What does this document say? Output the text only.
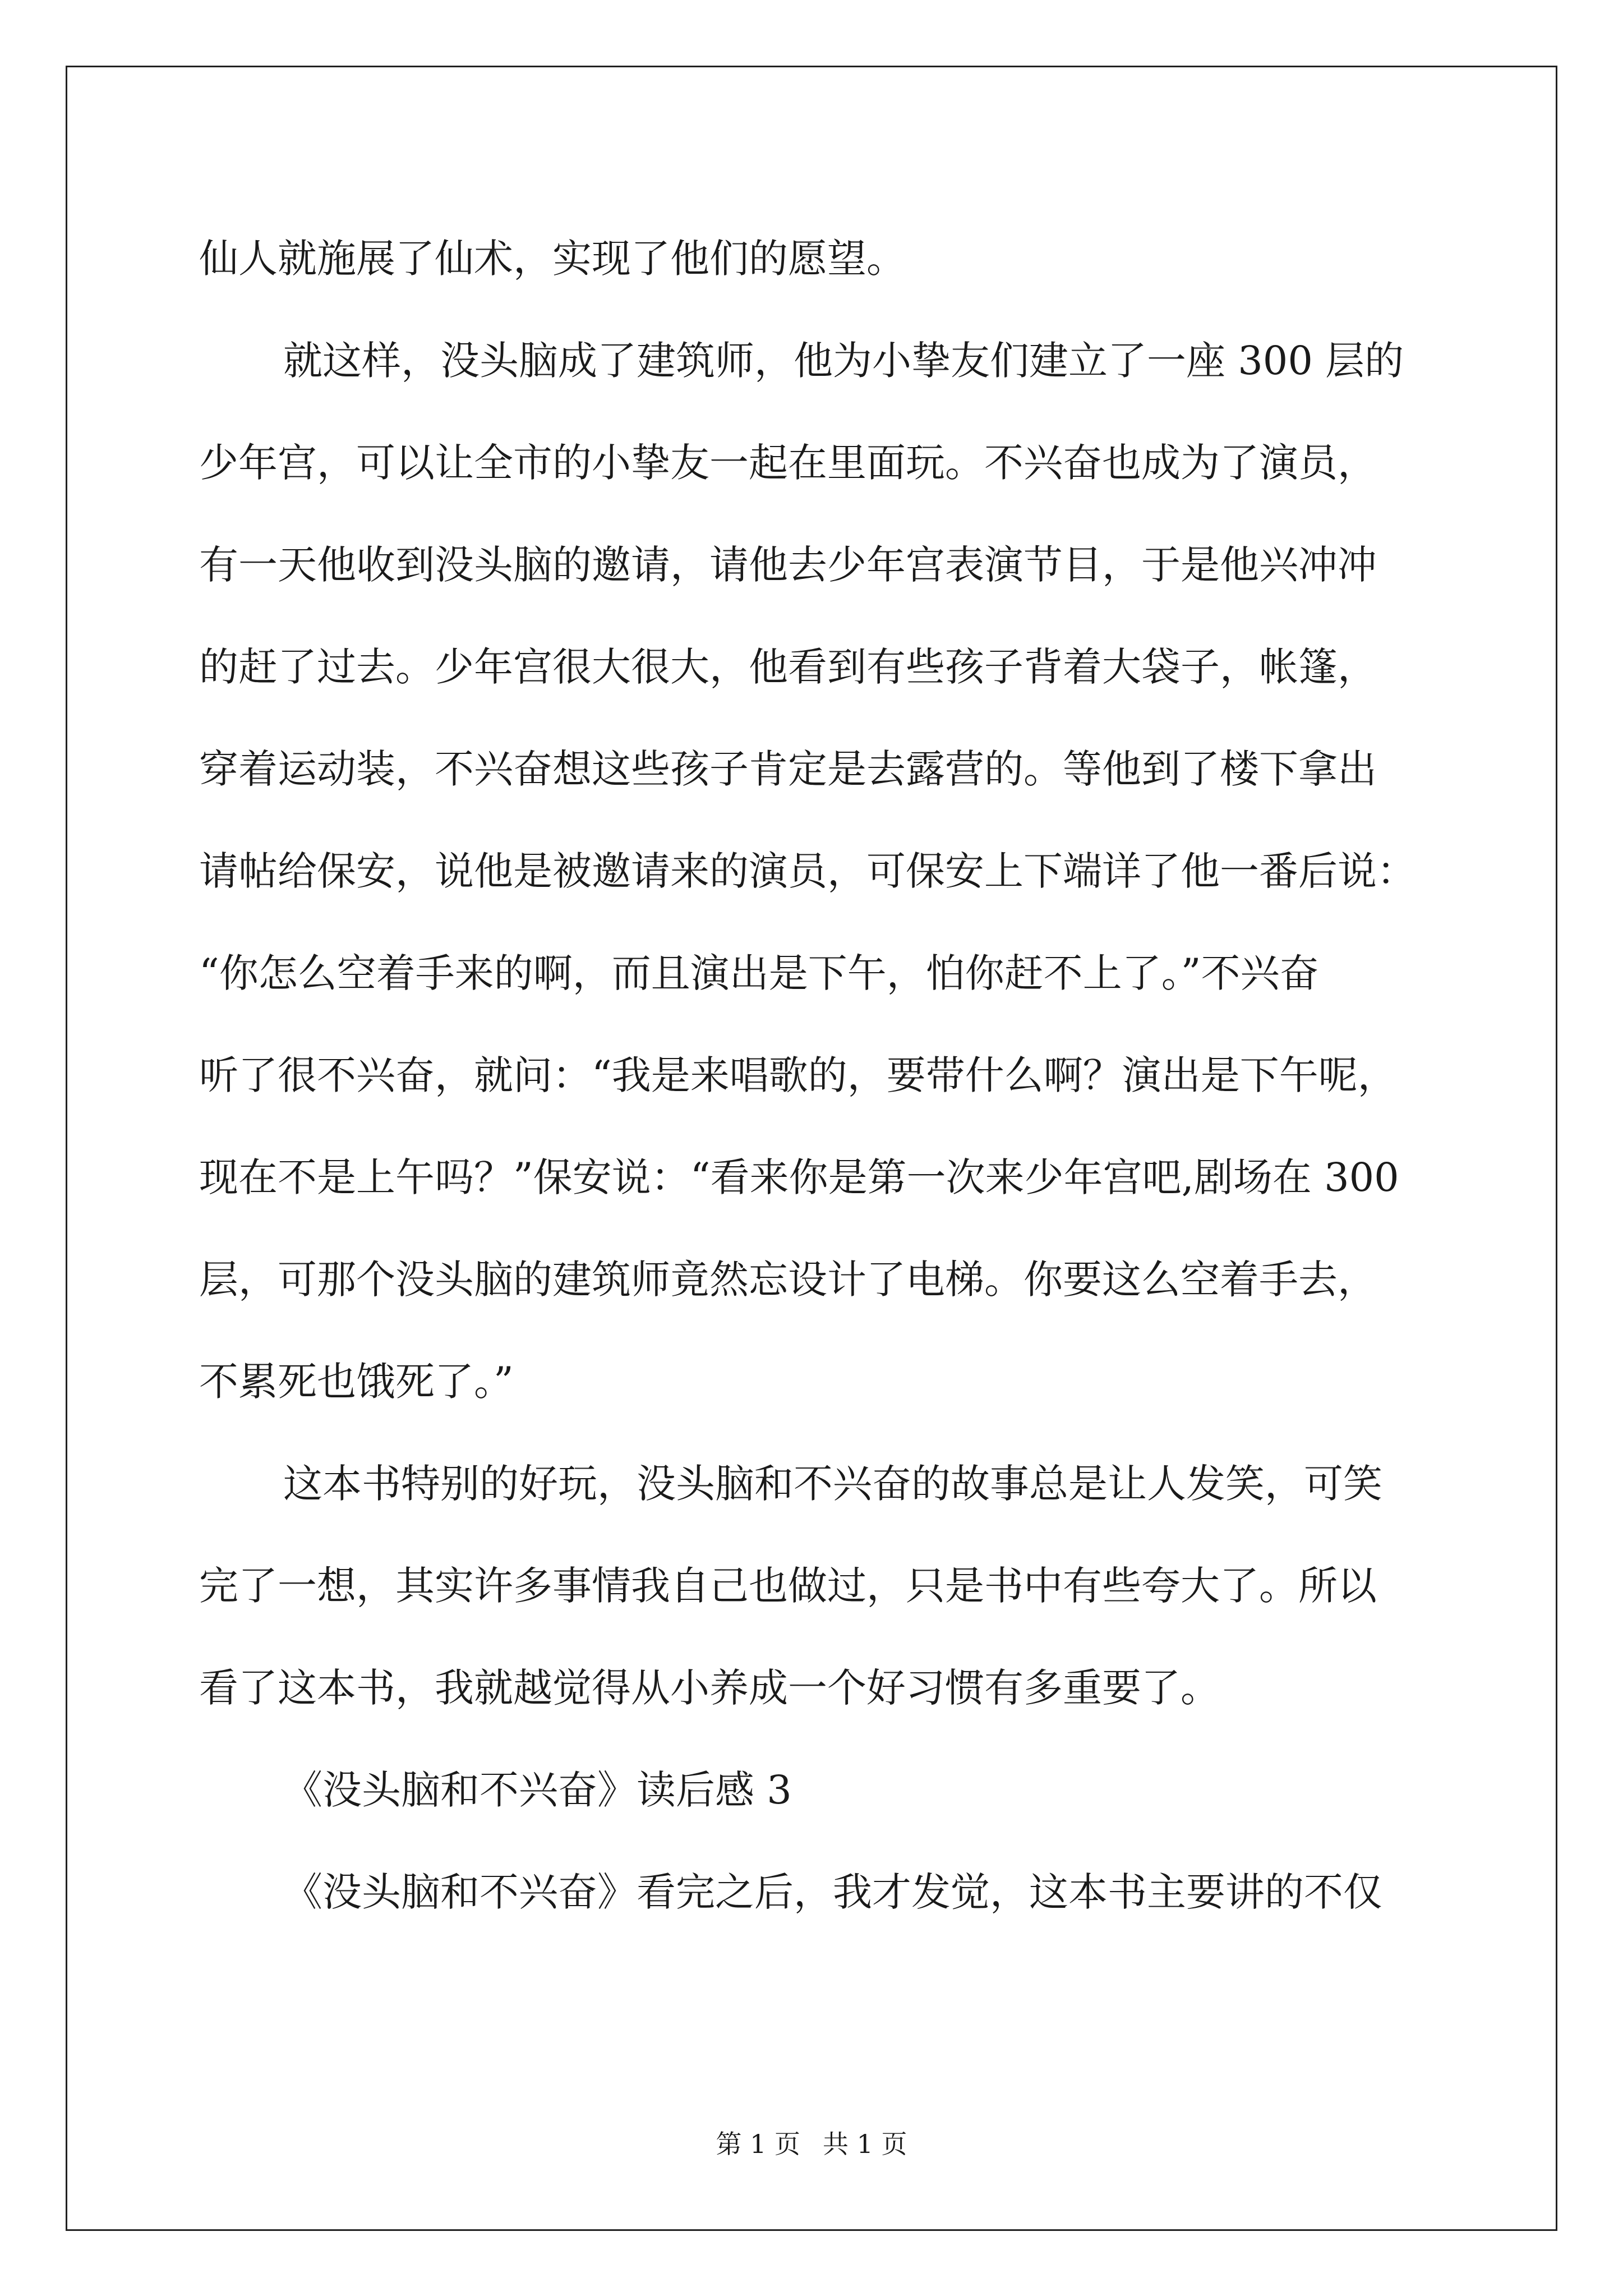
仙人就施展了仙术，实现了他们的愿望。

就这样，没头脑成了建筑师，他为小挚友们建立了一座 300 层的

少年宫，可以让全市的小挚友一起在里面玩。不兴奋也成为了演员，

有一天他收到没头脑的邀请，请他去少年宫表演节目，于是他兴冲冲

的赶了过去。少年宫很大很大，他看到有些孩子背着大袋子，帐篷，

穿着运动装，不兴奋想这些孩子肯定是去露营的。等他到了楼下拿出

请帖给保安，说他是被邀请来的演员，可保安上下端详了他一番后说：

“你怎么空着手来的啊，而且演出是下午，怕你赶不上了。”不兴奋

听了很不兴奋，就问：“我是来唱歌的，要带什么啊？演出是下午呢，

现在不是上午吗？”保安说：“看来你是第一次来少年宫吧,剧场在 300

层，可那个没头脑的建筑师竟然忘设计了电梯。你要这么空着手去，

不累死也饿死了。”

这本书特别的好玩，没头脑和不兴奋的故事总是让人发笑，可笑

完了一想，其实许多事情我自己也做过，只是书中有些夸大了。所以

看了这本书，我就越觉得从小养成一个好习惯有多重要了。

《没头脑和不兴奋》读后感 3

《没头脑和不兴奋》看完之后，我才发觉，这本书主要讲的不仅

第 1 页 共 1 页
